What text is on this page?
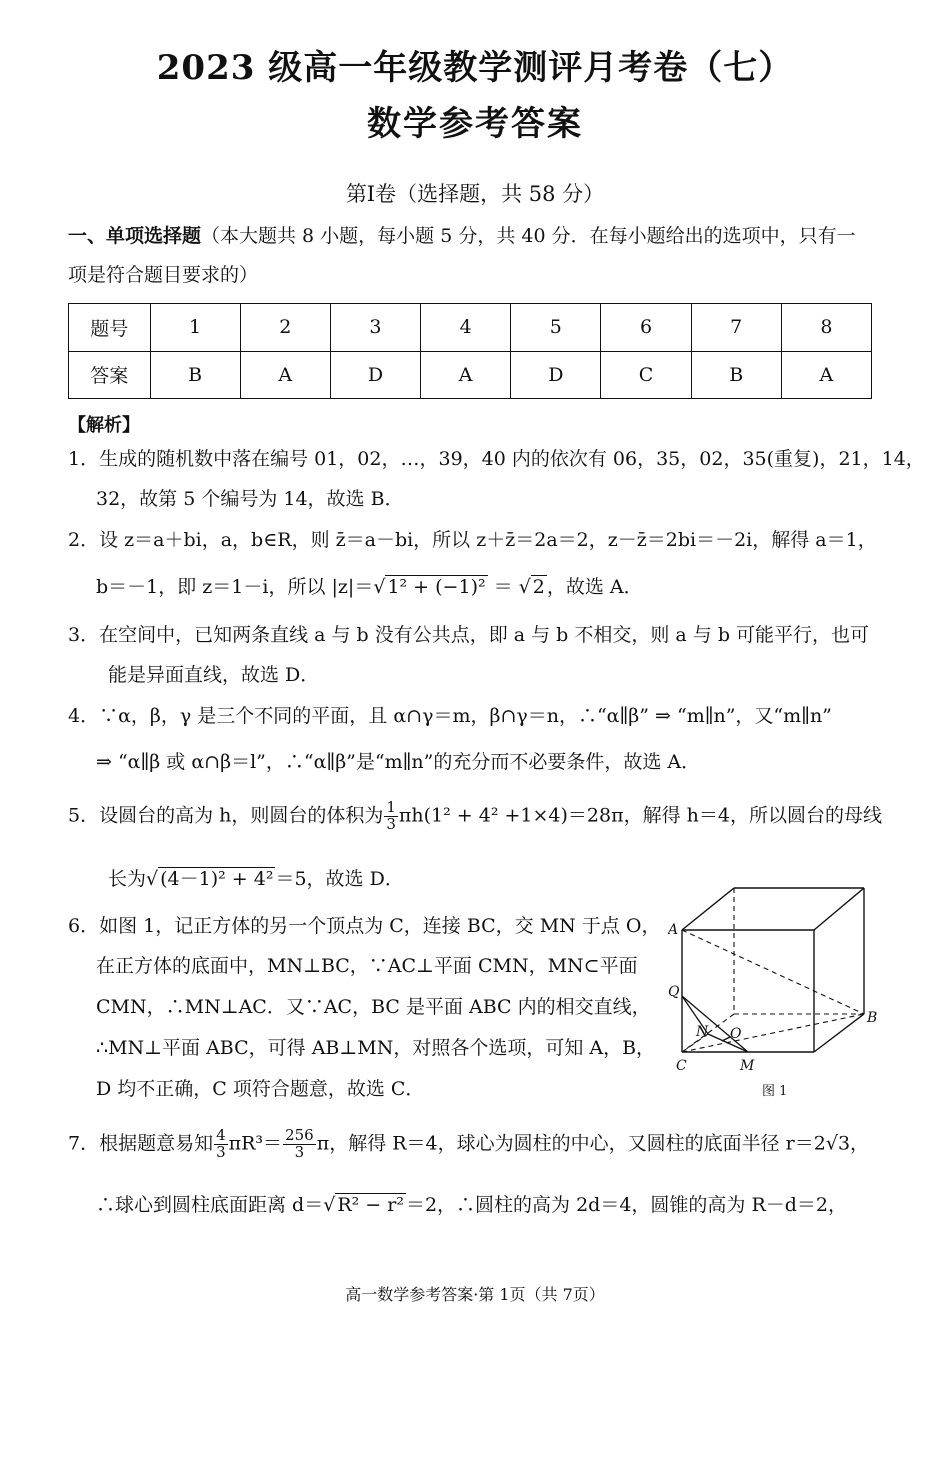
2023 级高一年级教学测评月考卷（七）
数学参考答案
第Ⅰ卷（选择题，共 58 分）
一、单项选择题（本大题共 8 小题，每小题 5 分，共 40 分．在每小题给出的选项中，只有一
项是符合题目要求的）
题号	1	2	3	4	5	6	7	8
答案	B	A	D	A	D	C	B	A
【解析】
1．生成的随机数中落在编号 01，02，…，39，40 内的依次有 06，35，02，35(重复)，21，14，
32，故第 5 个编号为 14，故选 B．
2．设 z＝a＋bi，a，b∈R，则 z̄＝a－bi，所以 z＋z̄＝2a＝2，z－z̄＝2bi＝－2i，解得 a＝1，
b＝－1，即 z＝1－i，所以 |z|＝√ 1² + (−1)² ＝ √ 2 ，故选 A．
3．在空间中，已知两条直线 a 与 b 没有公共点，即 a 与 b 不相交，则 a 与 b 可能平行，也可
能是异面直线，故选 D．
4．∵α，β，γ 是三个不同的平面，且 α∩γ＝m，β∩γ＝n，∴“α∥β” ⇒ “m∥n”，又“m∥n”
⇒ “α∥β 或 α∩β＝l”，∴“α∥β”是“m∥n”的充分而不必要条件，故选 A．
5．设圆台的高为 h，则圆台的体积为 $\frac{1}{3} \pi h(1^2 + 4^2 +1\times 4)=28\pi$，解得 h＝4，所以圆台的母线
长为√ (4－1)² + 4² ＝5，故选 D．
6．如图 1，记正方体的另一个顶点为 C，连接 BC，交 MN 于点 O，
在正方体的底面中，MN⊥BC，∵AC⊥平面 CMN，MN⊂平面
CMN，∴MN⊥AC．又∵AC，BC 是平面 ABC 内的相交直线，
∴MN⊥平面 ABC，可得 AB⊥MN，对照各个选项，可知 A，B，
D 均不正确，C 项符合题意，故选 C．
A
B
C	M
N O
Q
图 1
7．根据题意易知 $\frac{4}{3} \pi R^3= \frac{256}{3}$ π，解得 R＝4，球心为圆柱的中心，又圆柱的底面半径 r＝2√3，
∴球心到圆柱底面距离 d＝√ R² − r² ＝2，∴圆柱的高为 2d＝4，圆锥的高为 R－d＝2，
高一数学参考答案·第 1页（共 7页）
